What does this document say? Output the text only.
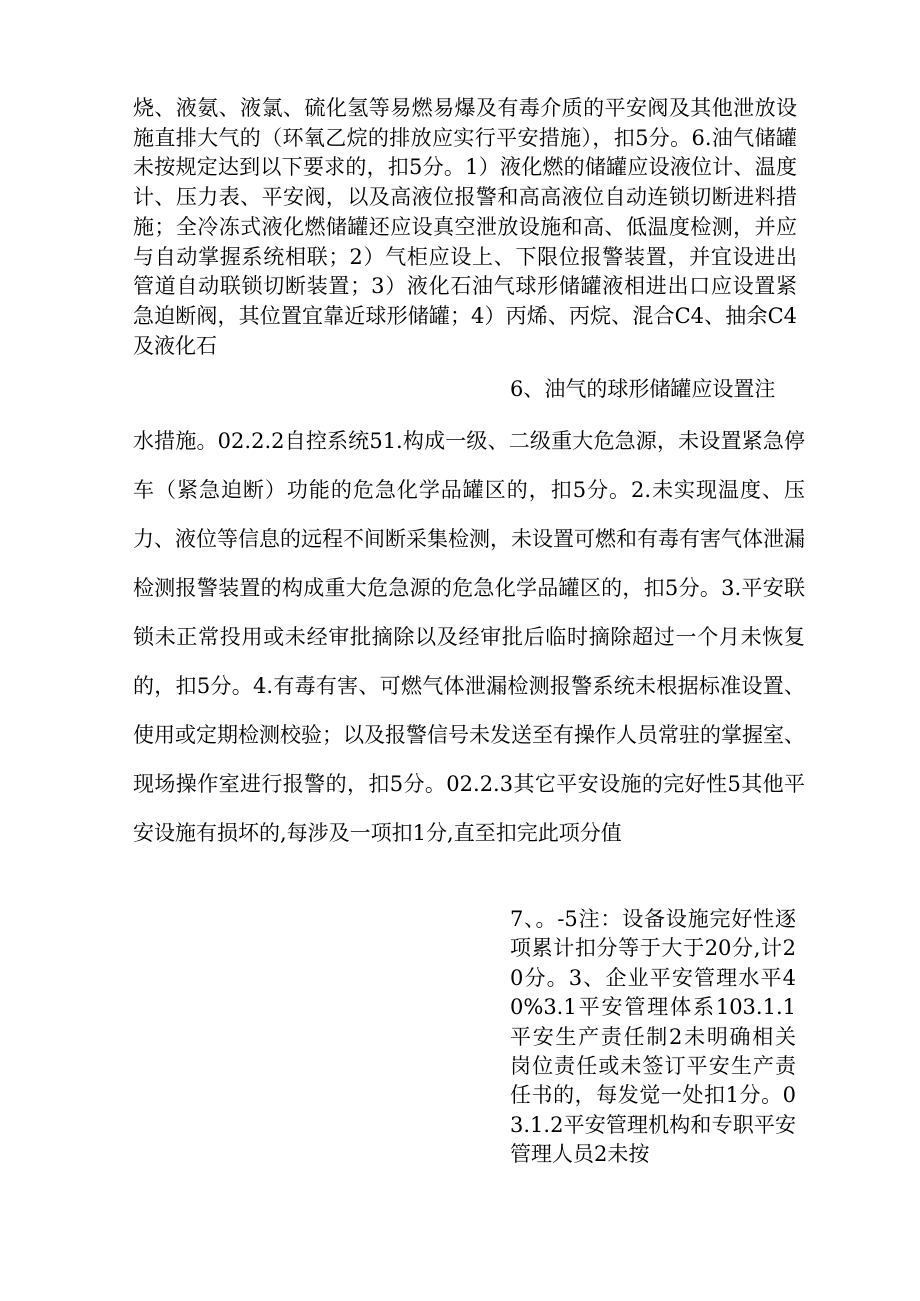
烧、液氨、液氯、硫化氢等易燃易爆及有毒介质的平安阀及其他泄放设施直排大气的（环氧乙烷的排放应实行平安措施），扣5分。6.油气储罐未按规定达到以下要求的，扣5分。1）液化燃的储罐应设液位计、温度计、压力表、平安阀，以及高液位报警和高高液位自动连锁切断进料措施；全冷冻式液化燃储罐还应设真空泄放设施和高、低温度检测，并应与自动掌握系统相联；2）气柜应设上、下限位报警装置，并宜设进出管道自动联锁切断装置；3）液化石油气球形储罐液相进出口应设置紧急迫断阀，其位置宜靠近球形储罐；4）丙烯、丙烷、混合C4、抽余C4及液化石

6、油气的球形储罐应设置注

水措施。02.2.2自控系统51.构成一级、二级重大危急源，未设置紧急停车（紧急迫断）功能的危急化学品罐区的，扣5分。2.未实现温度、压力、液位等信息的远程不间断采集检测，未设置可燃和有毒有害气体泄漏检测报警装置的构成重大危急源的危急化学品罐区的，扣5分。3.平安联锁未正常投用或未经审批摘除以及经审批后临时摘除超过一个月未恢复的，扣5分。4.有毒有害、可燃气体泄漏检测报警系统未根据标准设置、使用或定期检测校验；以及报警信号未发送至有操作人员常驻的掌握室、现场操作室进行报警的，扣5分。02.2.3其它平安设施的完好性5其他平安设施有损坏的,每涉及一项扣1分,直至扣完此项分值

7、。-5注：设备设施完好性逐项累计扣分等于大于20分,计20分。3、企业平安管理水平40%3.1平安管理体系103.1.1平安生产责任制2未明确相关岗位责任或未签订平安生产责任书的，每发觉一处扣1分。03.1.2平安管理机构和专职平安管理人员2未按
